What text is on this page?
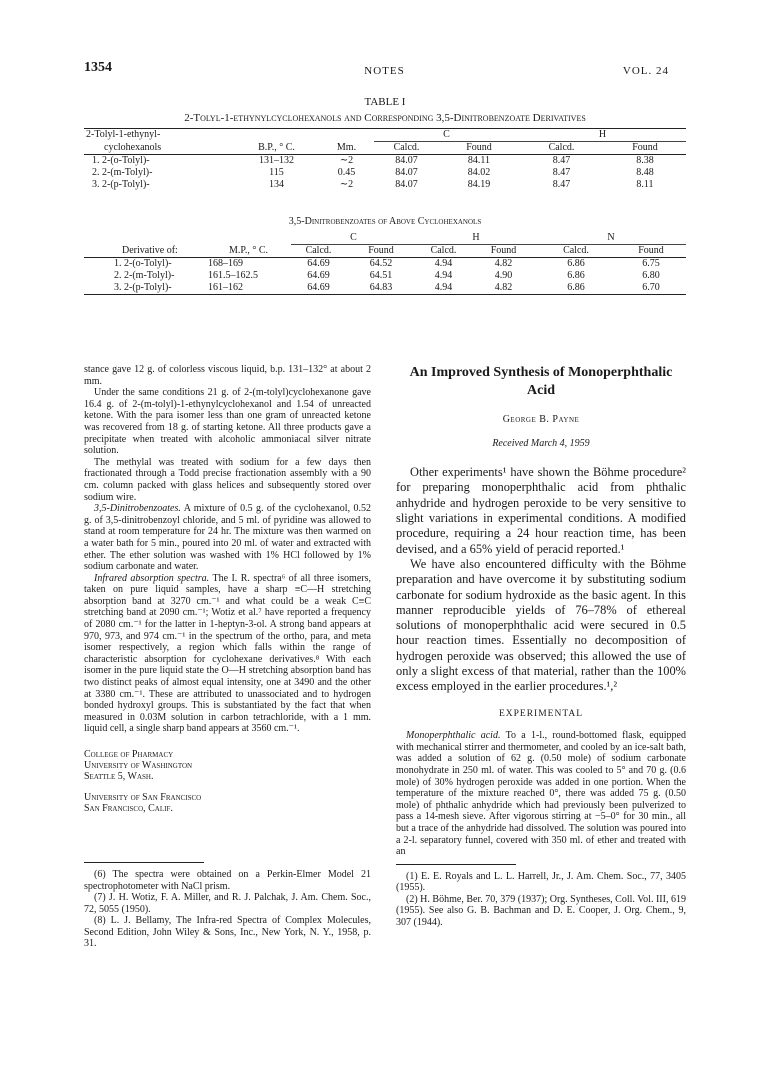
1354	NOTES	VOL. 24
TABLE I
2-Tolyl-1-ethynylcyclohexanols and Corresponding 3,5-Dinitrobenzoate Derivatives
2-Tolyl-1-ethynyl-			C		H	
cyclohexanols	B.P., ° C.	Mm.	Calcd.	Found	Calcd.	Found
1. 2-(o-Tolyl)-	131–132	∼2	84.07	84.11	8.47	8.38
2. 2-(m-Tolyl)-	115	0.45	84.07	84.02	8.47	8.48
3. 2-(p-Tolyl)-	134	∼2	84.07	84.19	8.47	8.11
3,5-Dinitrobenzoates of Above Cyclohexanols
		C		H		N	
Derivative of:	M.P., ° C.	Calcd.	Found	Calcd.	Found	Calcd.	Found
1. 2-(o-Tolyl)-	168–169	64.69	64.52	4.94	4.82	6.86	6.75
2. 2-(m-Tolyl)-	161.5–162.5	64.69	64.51	4.94	4.90	6.86	6.80
3. 2-(p-Tolyl)-	161–162	64.69	64.83	4.94	4.82	6.86	6.70

stance gave 12 g. of colorless viscous liquid, b.p. 131–132° at about 2 mm.

Under the same conditions 21 g. of 2-(m-tolyl)cyclohexanone gave 16.4 g. of 2-(m-tolyl)-1-ethynylcyclohexanol and 1.54 of unreacted ketone. With the para isomer less than one gram of unreacted ketone was recovered from 18 g. of starting ketone. All three products gave a precipitate when treated with alcoholic ammoniacal silver nitrate solution.

The methylal was treated with sodium for a few days then fractionated through a Todd precise fractionation assembly with a 90 cm. column packed with glass helices and subsequently stored over sodium wire.

3,5-Dinitrobenzoates. A mixture of 0.5 g. of the cyclohexanol, 0.52 g. of 3,5-dinitrobenzoyl chloride, and 5 ml. of pyridine was allowed to stand at room temperature for 24 hr. The mixture was then warmed on a water bath for 5 min., poured into 20 ml. of water and extracted with ether. The ether solution was washed with 1% HCl followed by 1% sodium carbonate and water.

Infrared absorption spectra. The I. R. spectra⁶ of all three isomers, taken on pure liquid samples, have a sharp ≡C—H stretching absorption band at 3270 cm.⁻¹ and what could be a weak C≡C stretching band at 2090 cm.⁻¹; Wotiz et al.⁷ have reported a frequency of 2080 cm.⁻¹ for the latter in 1-heptyn-3-ol. A strong band appears at 970, 973, and 974 cm.⁻¹ in the spectrum of the ortho, para, and meta isomer respectively, a region which falls within the range of characteristic absorption for cyclohexane derivatives.⁸ With each isomer in the pure liquid state the O—H stretching absorption band has two distinct peaks of almost equal intensity, one at 3490 and the other at 3380 cm.⁻¹. These are attributed to unassociated and to hydrogen bonded hydroxyl groups. This is substantiated by the fact that when measured in 0.03M solution in carbon tetrachloride, with a 1 mm. liquid cell, a single sharp band appears at 3560 cm.⁻¹.

College of Pharmacy
University of Washington
Seattle 5, Wash.
University of San Francisco
San Francisco, Calif.

(6) The spectra were obtained on a Perkin-Elmer Model 21 spectrophotometer with NaCl prism.

(7) J. H. Wotiz, F. A. Miller, and R. J. Palchak, J. Am. Chem. Soc., 72, 5055 (1950).

(8) L. J. Bellamy, The Infra-red Spectra of Complex Molecules, Second Edition, John Wiley & Sons, Inc., New York, N. Y., 1958, p. 31.

An Improved Synthesis of Monoperphthalic Acid
George B. Payne
Received March 4, 1959

Other experiments¹ have shown the Böhme procedure² for preparing monoperphthalic acid from phthalic anhydride and hydrogen peroxide to be very sensitive to slight variations in experimental conditions. A modified procedure, requiring a 24 hour reaction time, has been devised, and a 65% yield of peracid reported.¹

We have also encountered difficulty with the Böhme preparation and have overcome it by substituting sodium carbonate for sodium hydroxide as the basic agent. In this manner reproducible yields of 76–78% of ethereal solutions of monoperphthalic acid were secured in 0.5 hour reaction times. Essentially no decomposition of hydrogen peroxide was observed; this allowed the use of only a slight excess of that material, rather than the 100% excess employed in the earlier procedures.¹,²

EXPERIMENTAL

Monoperphthalic acid. To a 1-l., round-bottomed flask, equipped with mechanical stirrer and thermometer, and cooled by an ice-salt bath, was added a solution of 62 g. (0.50 mole) of sodium carbonate monohydrate in 250 ml. of water. This was cooled to 5° and 70 g. (0.6 mole) of 30% hydrogen peroxide was added in one portion. When the temperature of the mixture reached 0°, there was added 75 g. (0.50 mole) of phthalic anhydride which had previously been pulverized to pass a 14-mesh sieve. After vigorous stirring at −5–0° for 30 min., all but a trace of the anhydride had dissolved. The solution was poured into a 2-l. separatory funnel, covered with 350 ml. of ether and treated with an

(1) E. E. Royals and L. L. Harrell, Jr., J. Am. Chem. Soc., 77, 3405 (1955).

(2) H. Böhme, Ber. 70, 379 (1937); Org. Syntheses, Coll. Vol. III, 619 (1955). See also G. B. Bachman and D. E. Cooper, J. Org. Chem., 9, 307 (1944).
